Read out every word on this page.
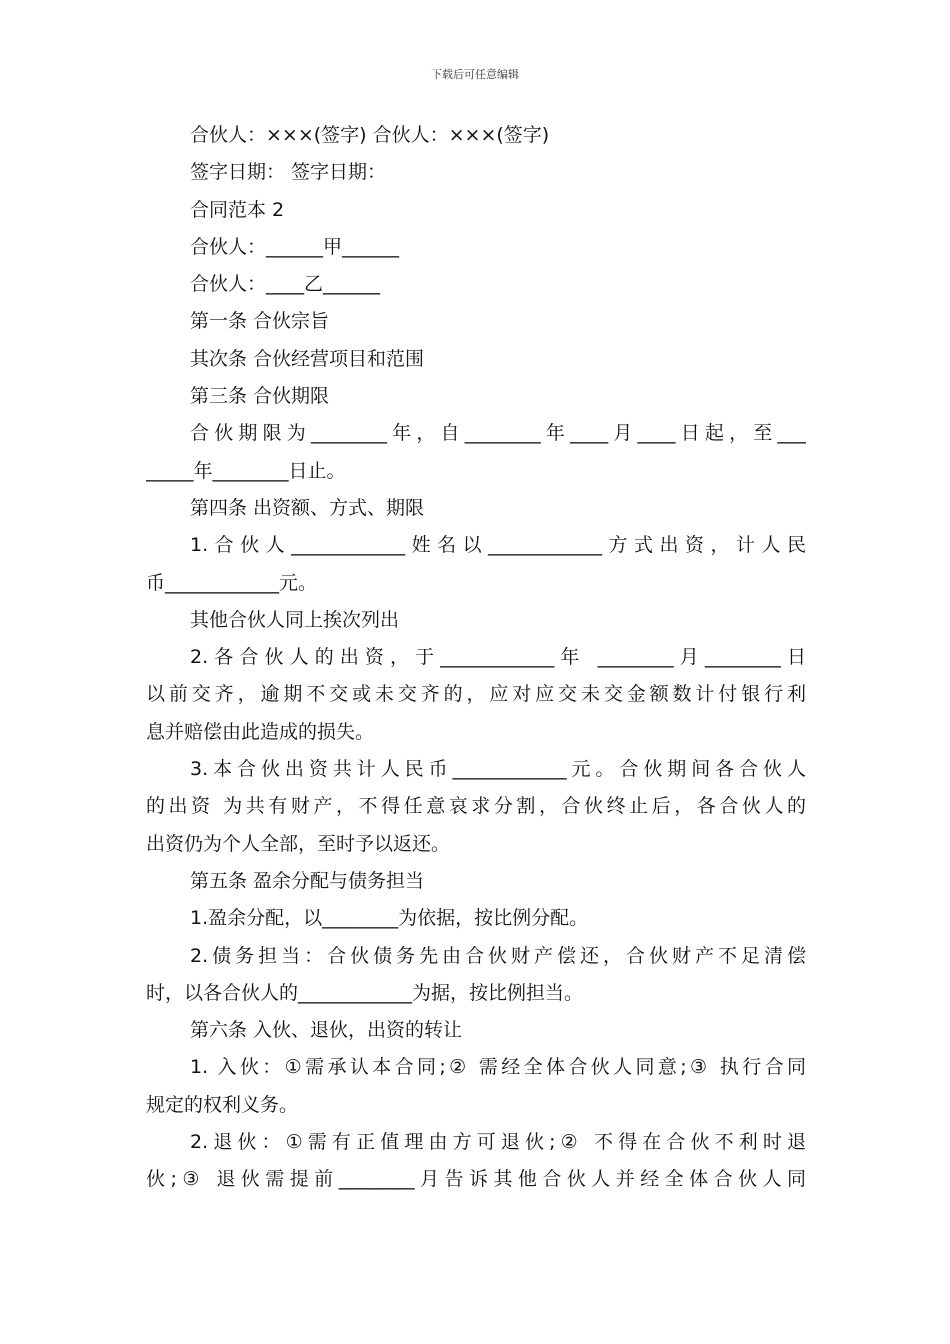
下载后可任意编辑
合伙人：×××(签字) 合伙人：×××(签字)
签字日期： 签字日期：
合同范本 2
合伙人：______甲______
合伙人：____乙______
第一条 合伙宗旨
其次条 合伙经营项目和范围
第三条 合伙期限
合伙期限为________年，自________年____月____日起，至___
_____年________日止。
第四条 出资额、方式、期限
1.合伙人____________姓名以____________方式出资，计人民
币____________元。
其他合伙人同上挨次列出
2.各合伙人的出资，于____________年 ________月________日
以前交齐，逾期不交或未交齐的，应对应交未交金额数计付银行利
息并赔偿由此造成的损失。
3.本合伙出资共计人民币____________元。合伙期间各合伙人
的出资 为共有财产，不得任意哀求分割，合伙终止后，各合伙人的
出资仍为个人全部，至时予以返还。
第五条 盈余分配与债务担当
1.盈余分配，以________为依据，按比例分配。
2.债务担当：合伙债务先由合伙财产偿还，合伙财产不足清偿
时，以各合伙人的____________为据，按比例担当。
第六条 入伙、退伙，出资的转让
1. 入伙：①需承认本合同;② 需经全体合伙人同意;③ 执行合同
规定的权利义务。
2.退伙：①需有正值理由方可退伙;② 不得在合伙不利时退
伙;③ 退伙需提前________月告诉其他合伙人并经全体合伙人同
